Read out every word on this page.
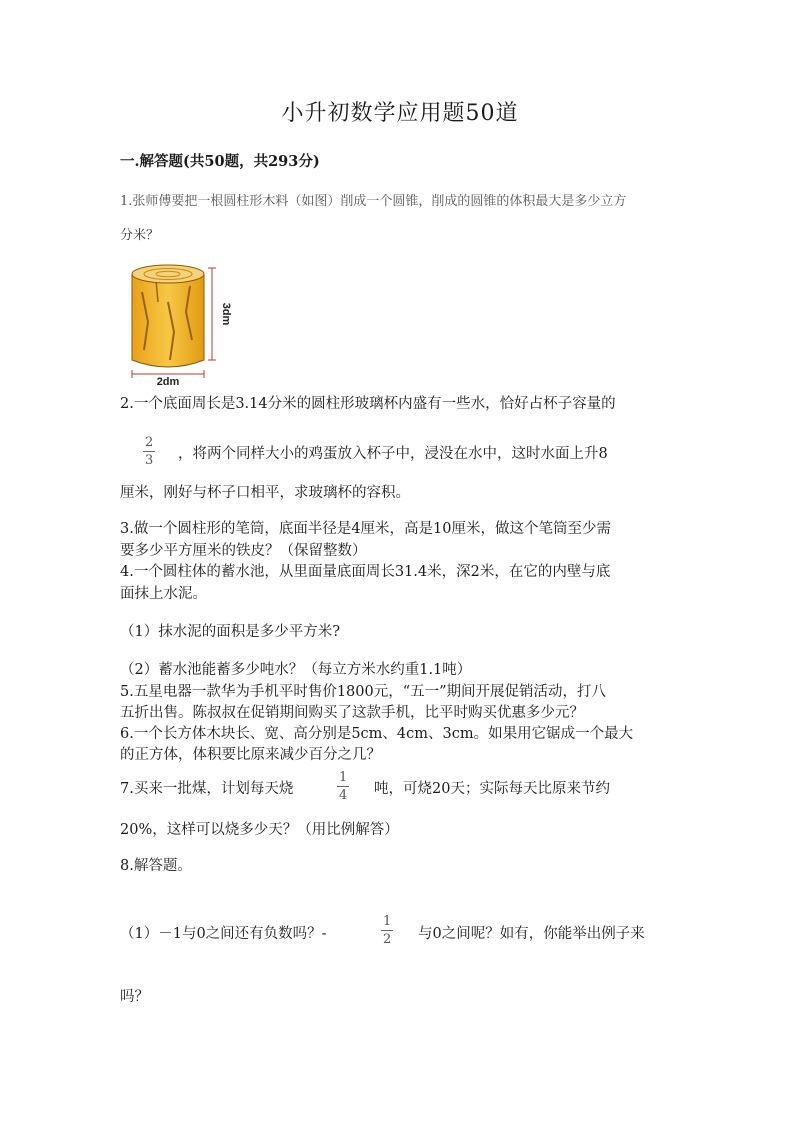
小升初数学应用题50道
一.解答题(共50题，共293分)
1.张师傅要把一根圆柱形木料（如图）削成一个圆锥，削成的圆锥的体积最大是多少立方
分米？
3dm
2dm
2.一个底面周长是3.14分米的圆柱形玻璃杯内盛有一些水，恰好占杯子容量的
2
3 ，将两个同样大小的鸡蛋放入杯子中，浸没在水中，这时水面上升8
厘米，刚好与杯子口相平，求玻璃杯的容积。
3.做一个圆柱形的笔筒，底面半径是4厘米，高是10厘米，做这个笔筒至少需
要多少平方厘米的铁皮？（保留整数）
4.一个圆柱体的蓄水池，从里面量底面周长31.4米，深2米，在它的内壁与底
面抹上水泥。
（1）抹水泥的面积是多少平方米?
（2）蓄水池能蓄多少吨水？（每立方米水约重1.1吨）
5.五星电器一款华为手机平时售价1800元，“五一”期间开展促销活动，打八
五折出售。陈叔叔在促销期间购买了这款手机，比平时购买优惠多少元？
6.一个长方体木块长、宽、高分别是5cm、4cm、3cm。如果用它锯成一个最大
的正方体，体积要比原来减少百分之几？
7.买来一批煤，计划每天烧
1
4 吨，可烧20天；实际每天比原来节约
20%，这样可以烧多少天？（用比例解答）
8.解答题。
（1）－1与0之间还有负数吗？-
1
2 与0之间呢？如有，你能举出例子来
吗？
